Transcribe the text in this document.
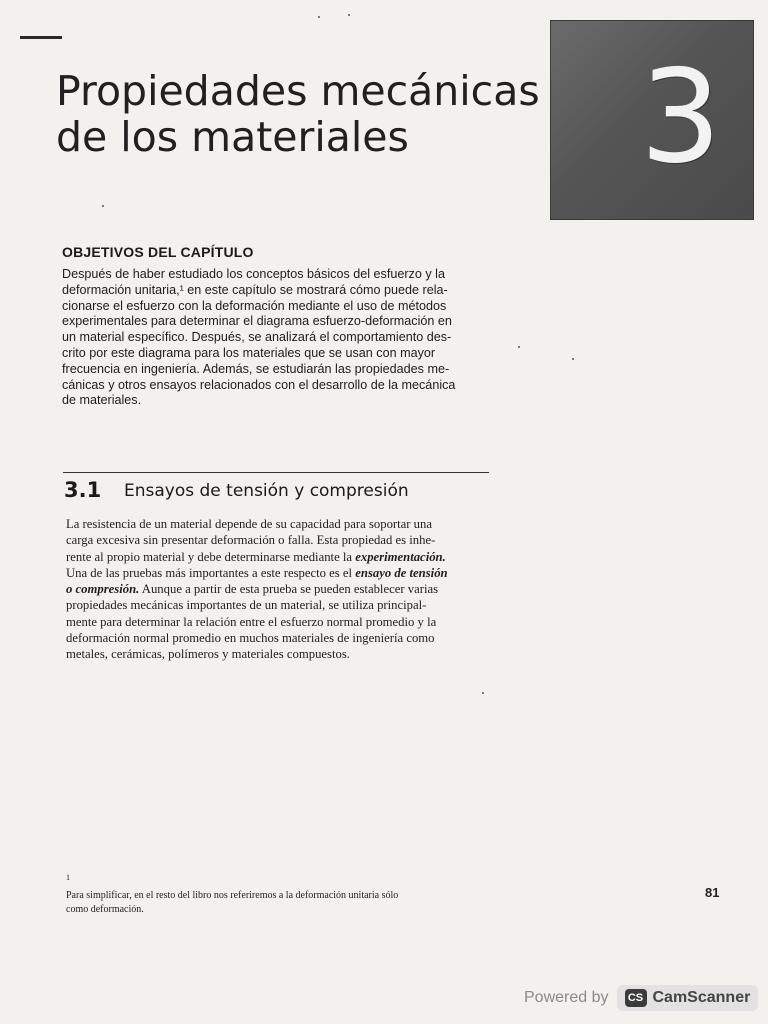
Propiedades mecánicas
de los materiales	3
OBJETIVOS DEL CAPÍTULO
Después de haber estudiado los conceptos básicos del esfuerzo y la
deformación unitaria,¹ en este capítulo se mostrará cómo puede rela-
cionarse el esfuerzo con la deformación mediante el uso de métodos
experimentales para determinar el diagrama esfuerzo-deformación en
un material específico. Después, se analizará el comportamiento des-
crito por este diagrama para los materiales que se usan con mayor
frecuencia en ingeniería. Además, se estudiarán las propiedades me-
cánicas y otros ensayos relacionados con el desarrollo de la mecánica
de materiales.
3.1 Ensayos de tensión y compresión
La resistencia de un material depende de su capacidad para soportar una
carga excesiva sin presentar deformación o falla. Esta propiedad es inhe-
rente al propio material y debe determinarse mediante la experimentación.
Una de las pruebas más importantes a este respecto es el ensayo de tensión
o compresión. Aunque a partir de esta prueba se pueden establecer varias
propiedades mecánicas importantes de un material, se utiliza principal-
mente para determinar la relación entre el esfuerzo normal promedio y la
deformación normal promedio en muchos materiales de ingeniería como
metales, cerámicas, polímeros y materiales compuestos.
$^1$
Para simplificar, en el resto del libro nos referiremos a la deformación unitaria sólo
como deformación.
81
Powered by	CS CamScanner
